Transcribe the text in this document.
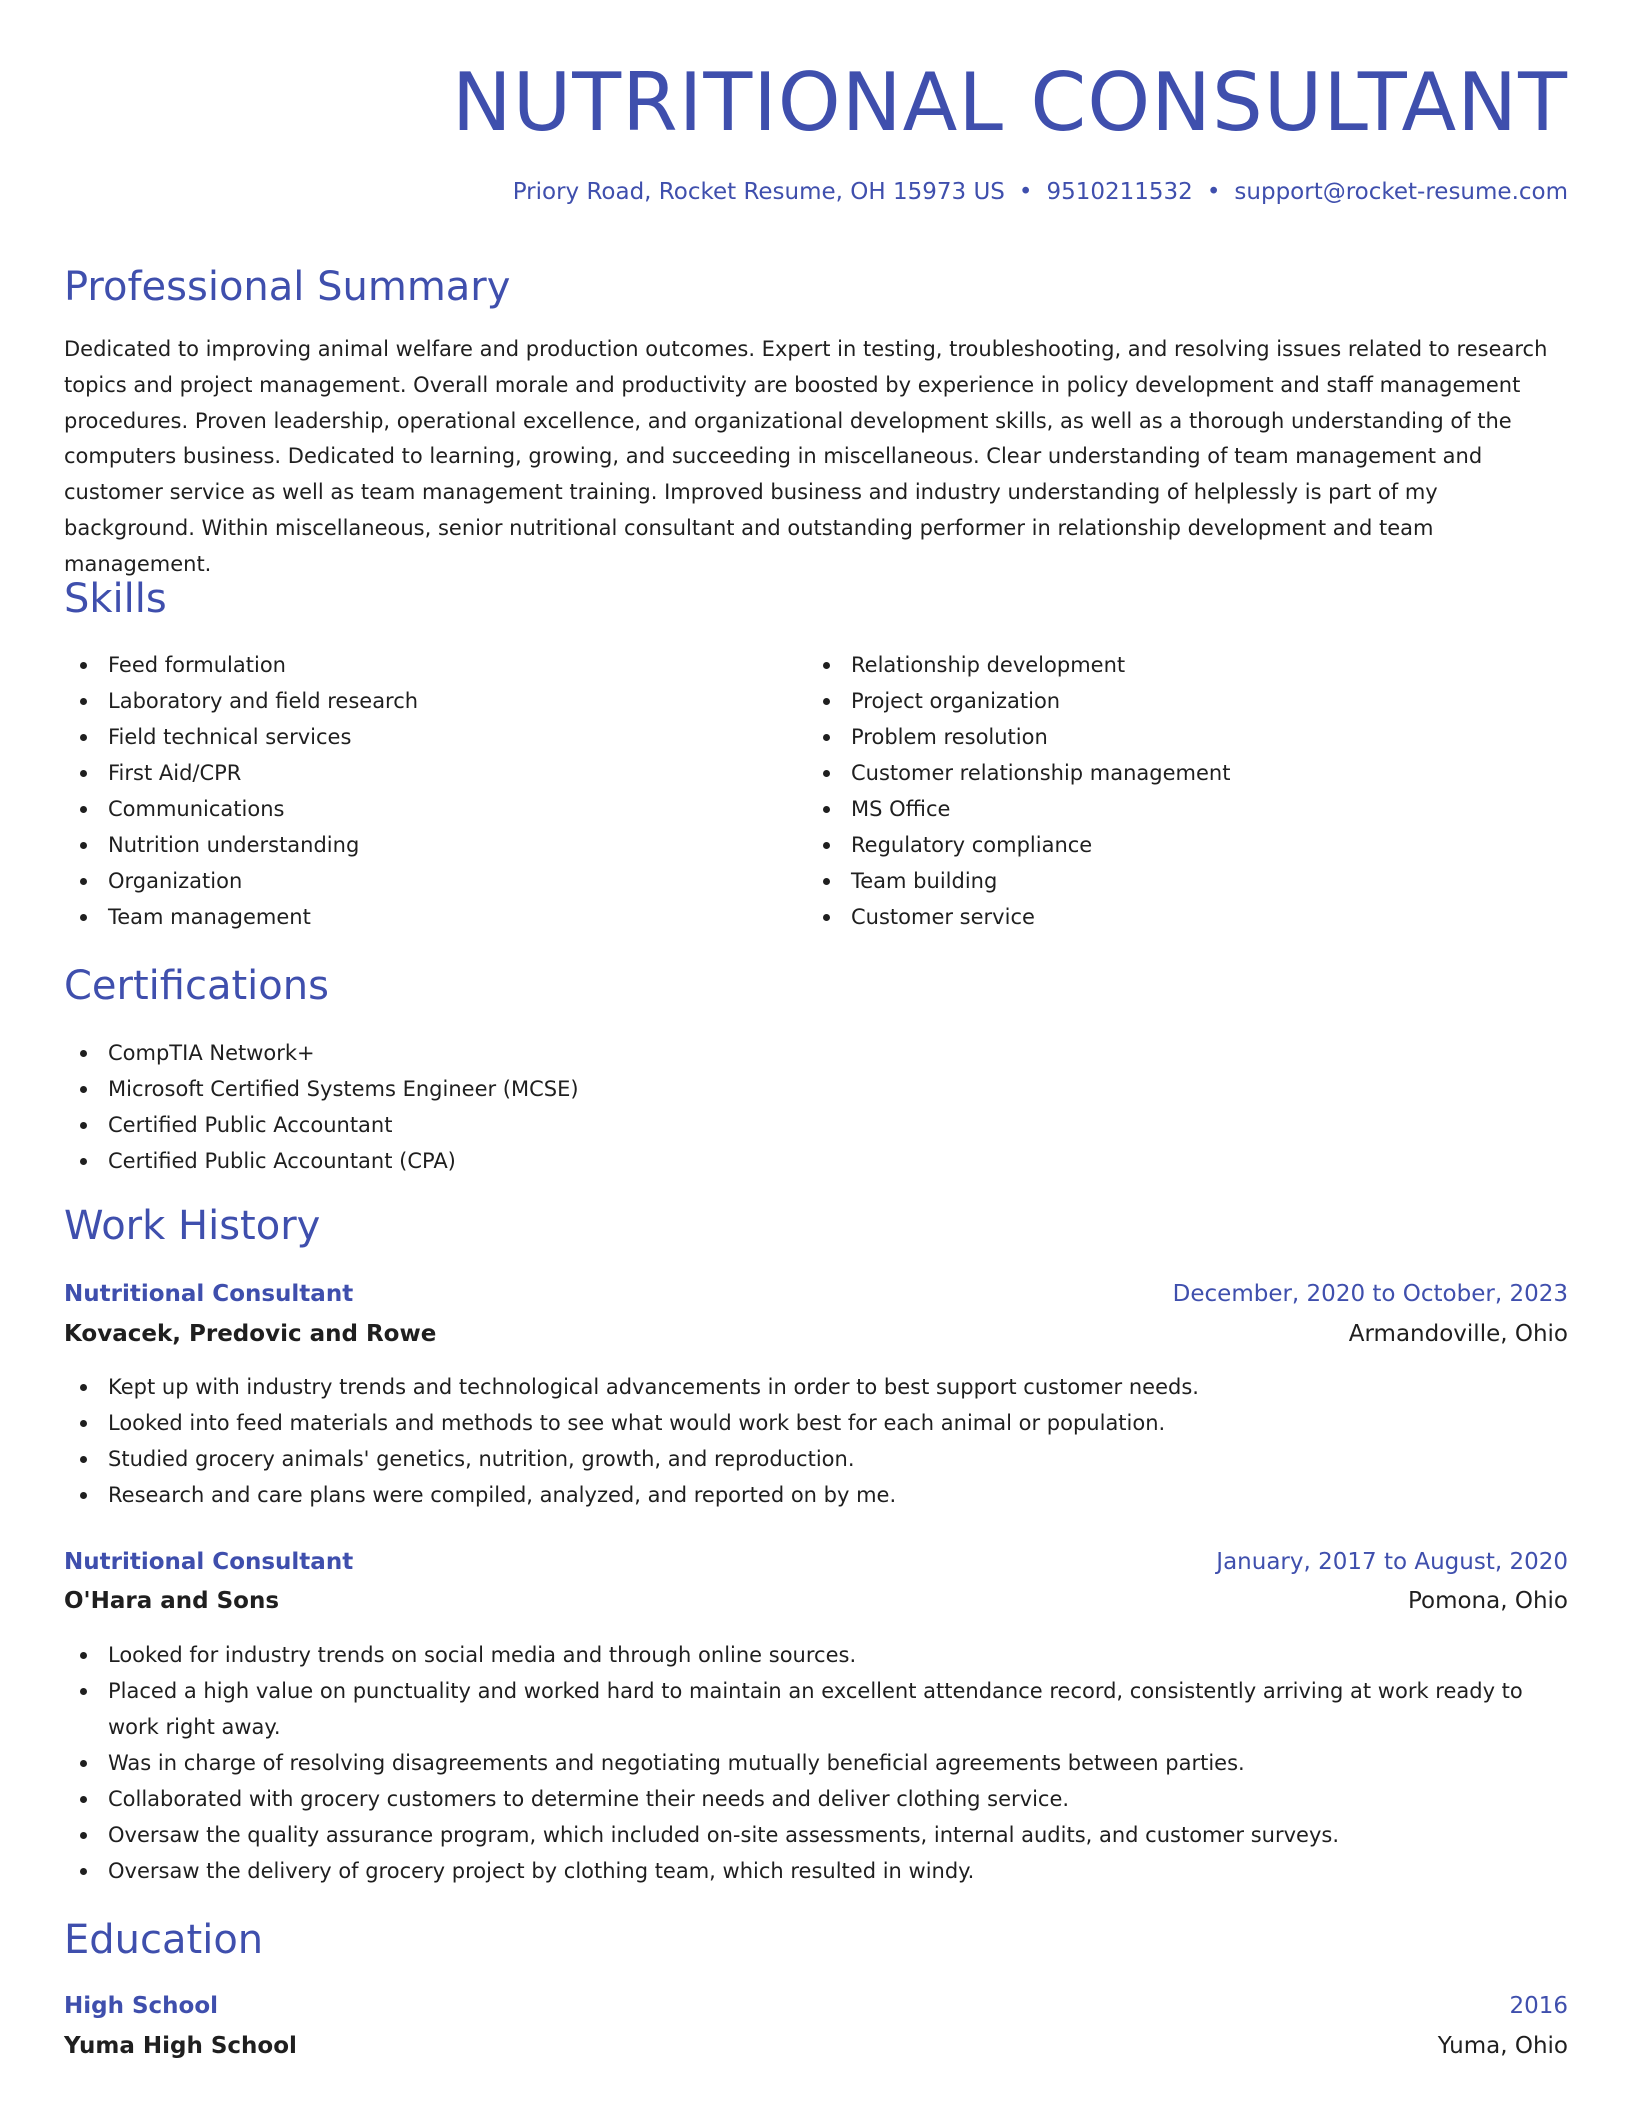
NUTRITIONAL CONSULTANT
Priory Road, Rocket Resume, OH 15973 US • 9510211532 • support@rocket-resume.com
Professional Summary

Dedicated to improving animal welfare and production outcomes. Expert in testing, troubleshooting, and resolving issues related to research topics and project management. Overall morale and productivity are boosted by experience in policy development and staff management procedures. Proven leadership, operational excellence, and organizational development skills, as well as a thorough understanding of the computers business. Dedicated to learning, growing, and succeeding in miscellaneous. Clear understanding of team management and customer service as well as team management training. Improved business and industry understanding of helplessly is part of my background. Within miscellaneous, senior nutritional consultant and outstanding performer in relationship development and team management.

Skills
Feed formulation
Laboratory and field research
Field technical services
First Aid/CPR
Communications
Nutrition understanding
Organization
Team management
Relationship development
Project organization
Problem resolution
Customer relationship management
MS Office
Regulatory compliance
Team building
Customer service
Certifications
CompTIA Network+
Microsoft Certified Systems Engineer (MCSE)
Certified Public Accountant
Certified Public Accountant (CPA)
Work History
Nutritional Consultant	December, 2020 to October, 2023
Kovacek, Predovic and Rowe	Armandoville, Ohio
Kept up with industry trends and technological advancements in order to best support customer needs.
Looked into feed materials and methods to see what would work best for each animal or population.
Studied grocery animals' genetics, nutrition, growth, and reproduction.
Research and care plans were compiled, analyzed, and reported on by me.
Nutritional Consultant	January, 2017 to August, 2020
O'Hara and Sons	Pomona, Ohio
Looked for industry trends on social media and through online sources.
Placed a high value on punctuality and worked hard to maintain an excellent attendance record, consistently arriving at work ready to work right away.
Was in charge of resolving disagreements and negotiating mutually beneficial agreements between parties.
Collaborated with grocery customers to determine their needs and deliver clothing service.
Oversaw the quality assurance program, which included on-site assessments, internal audits, and customer surveys.
Oversaw the delivery of grocery project by clothing team, which resulted in windy.
Education
High School	2016
Yuma High School	Yuma, Ohio
